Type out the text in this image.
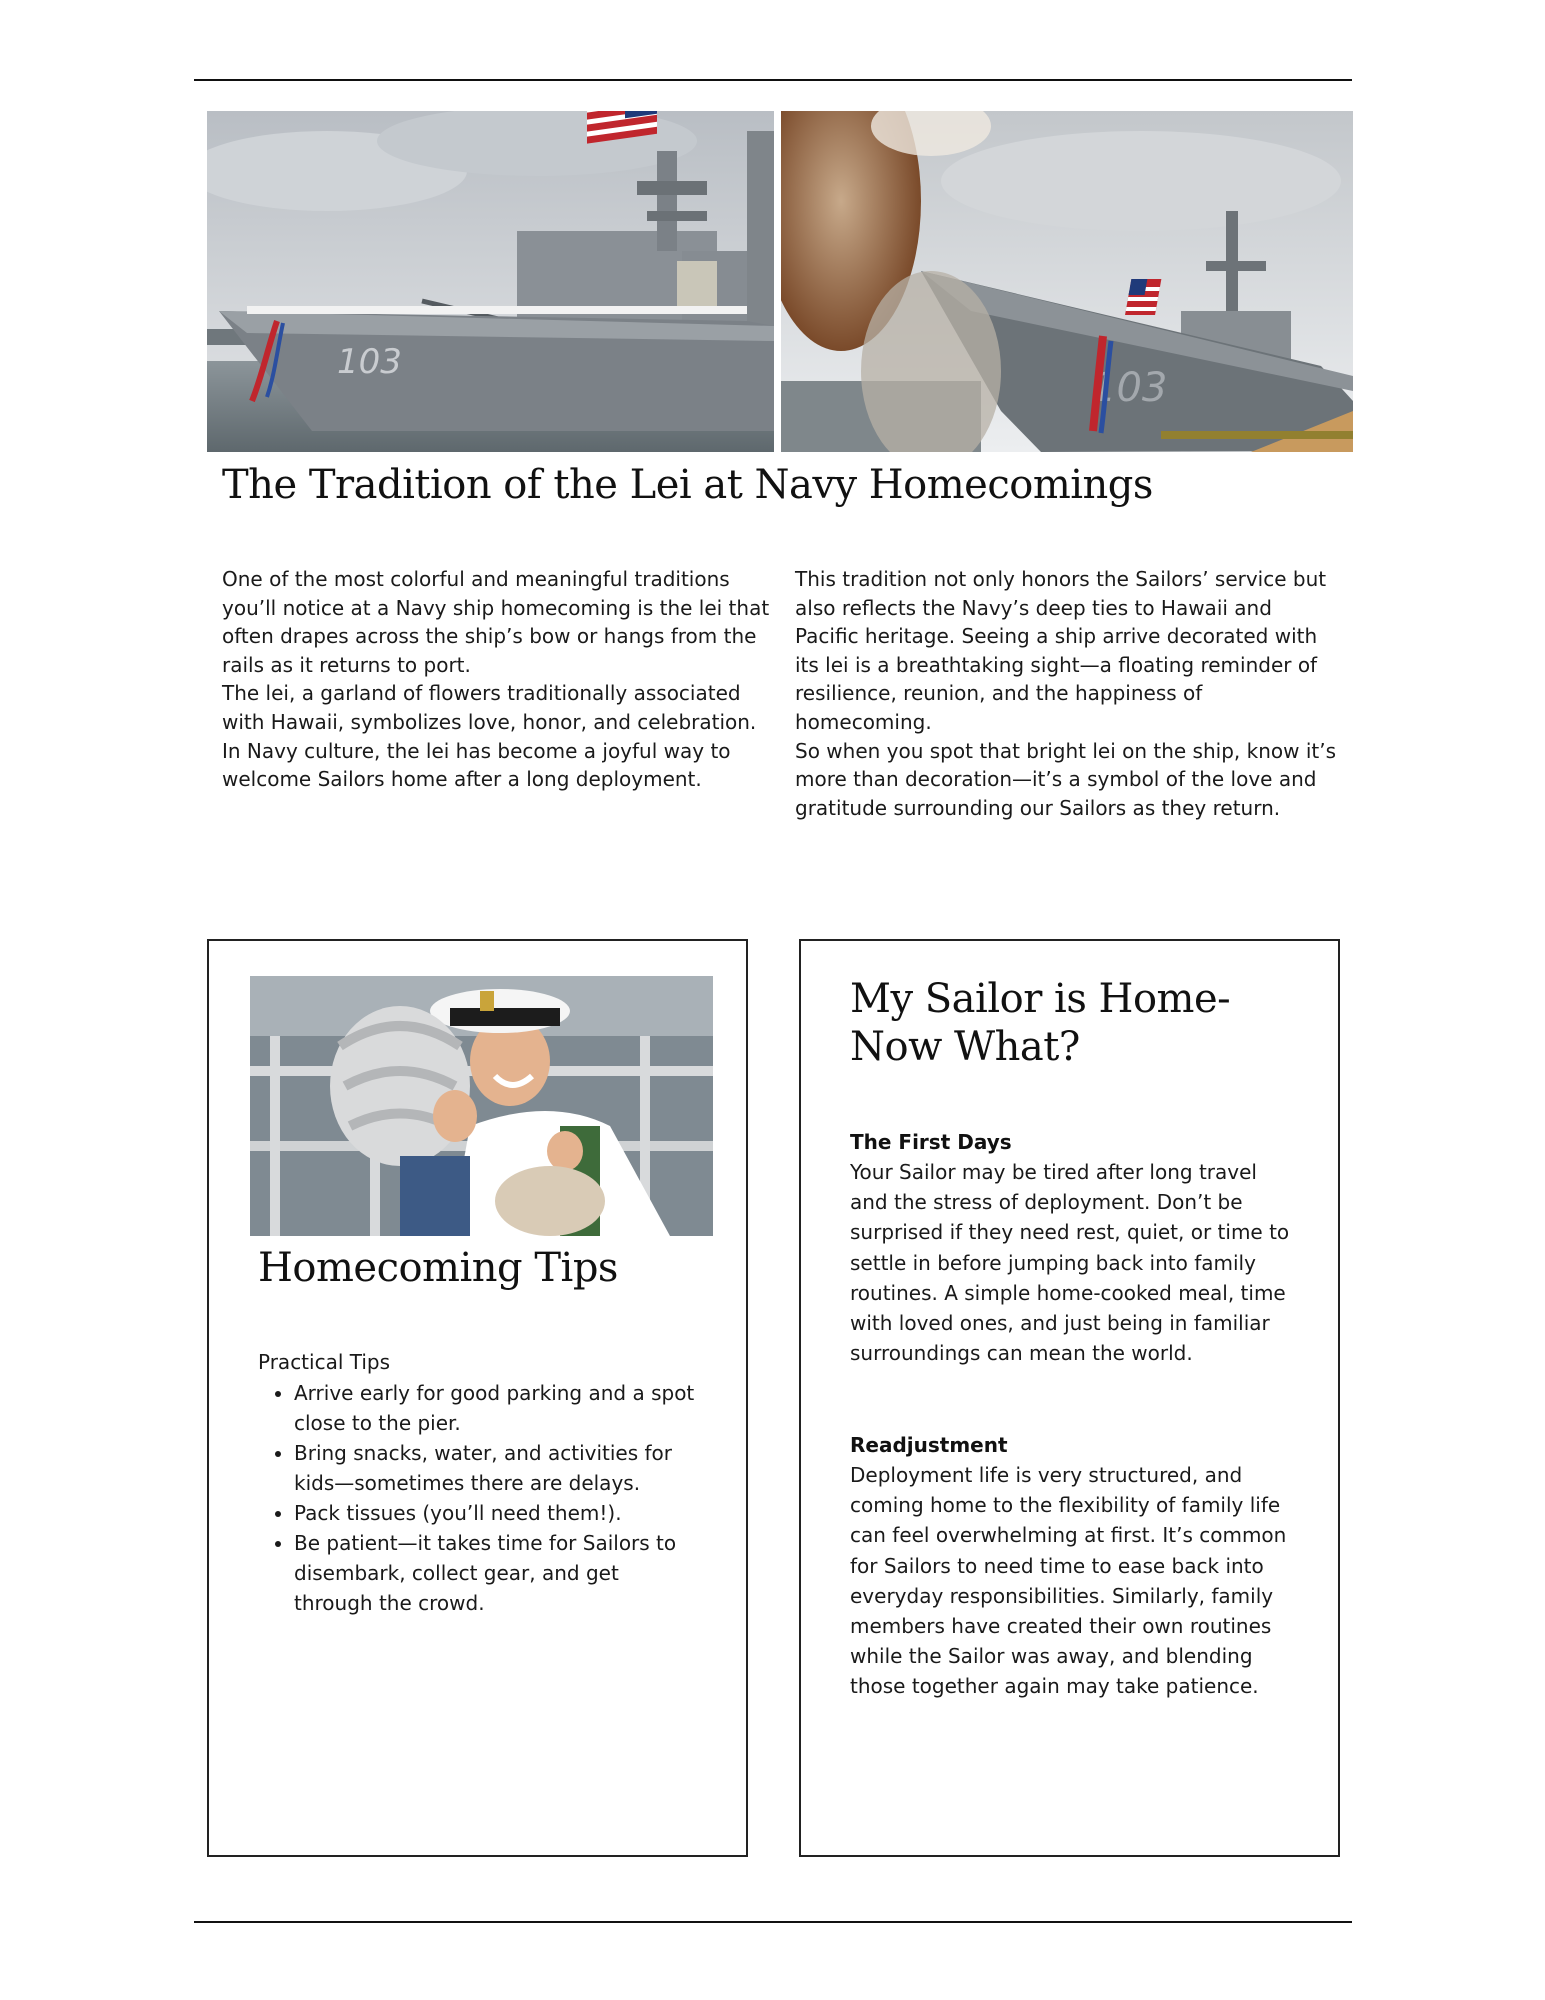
103
103
The Tradition of the Lei at Navy Homecomings

One of the most colorful and meaningful traditions you’ll notice at a Navy ship homecoming is the lei that often drapes across the ship’s bow or hangs from the rails as it returns to port.

The lei, a garland of flowers traditionally associated with Hawaii, symbolizes love, honor, and celebration. In Navy culture, the lei has become a joyful way to welcome Sailors home after a long deployment.

This tradition not only honors the Sailors’ service but also reflects the Navy’s deep ties to Hawaii and Pacific heritage. Seeing a ship arrive decorated with its lei is a breathtaking sight—a floating reminder of resilience, reunion, and the happiness of homecoming.

So when you spot that bright lei on the ship, know it’s more than decoration—it’s a symbol of the love and gratitude surrounding our Sailors as they return.

Homecoming Tips

Practical Tips

• Arrive early for good parking and a spot close to the pier.
• Bring snacks, water, and activities for kids—sometimes there are delays.
• Pack tissues (you’ll need them!).
• Be patient—it takes time for Sailors to disembark, collect gear, and get through the crowd.
My Sailor is Home- Now What?
The First Days

Your Sailor may be tired after long travel and the stress of deployment. Don’t be surprised if they need rest, quiet, or time to settle in before jumping back into family routines. A simple home-cooked meal, time with loved ones, and just being in familiar surroundings can mean the world.

Readjustment

Deployment life is very structured, and coming home to the flexibility of family life can feel overwhelming at first. It’s common for Sailors to need time to ease back into everyday responsibilities. Similarly, family members have created their own routines while the Sailor was away, and blending those together again may take patience.
